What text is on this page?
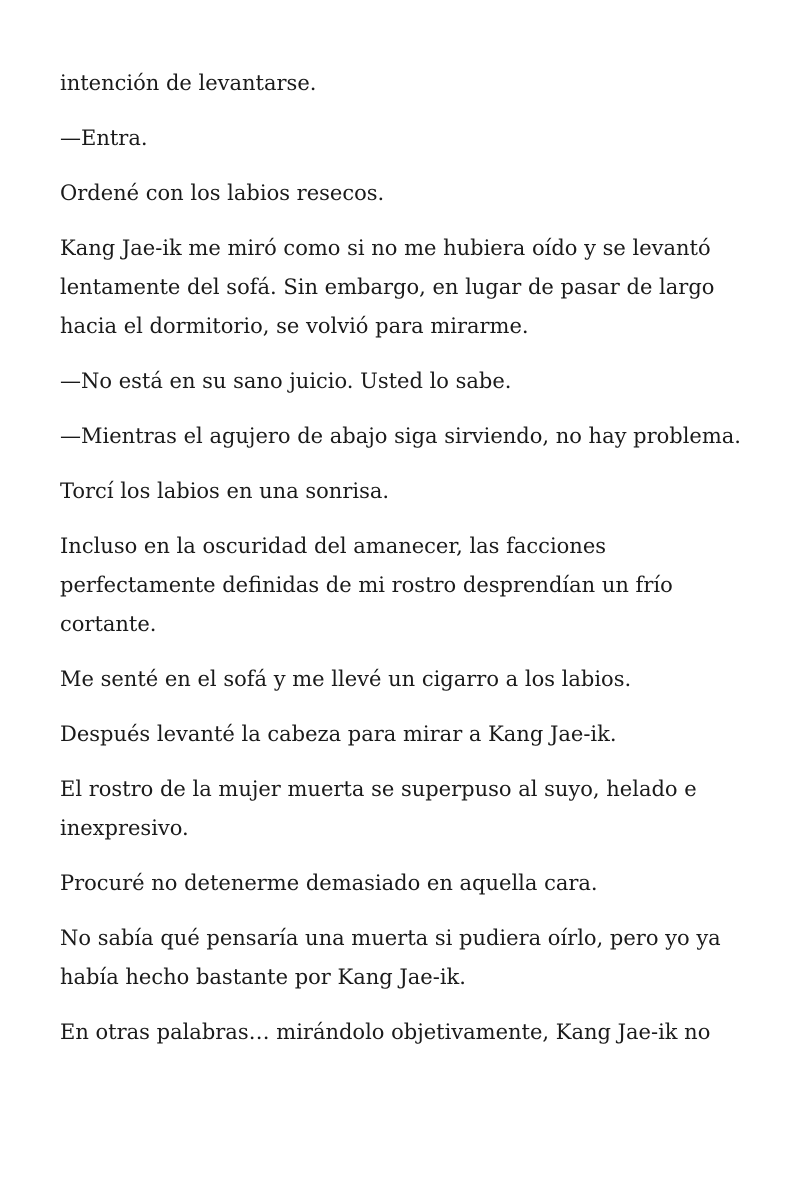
intención de levantarse.

—Entra.

Ordené con los labios resecos.

Kang Jae-ik me miró como si no me hubiera oído y se levantó lentamente del sofá. Sin embargo, en lugar de pasar de largo hacia el dormitorio, se volvió para mirarme.

—No está en su sano juicio. Usted lo sabe.

—Mientras el agujero de abajo siga sirviendo, no hay problema.

Torcí los labios en una sonrisa.

Incluso en la oscuridad del amanecer, las facciones perfectamente definidas de mi rostro desprendían un frío cortante.

Me senté en el sofá y me llevé un cigarro a los labios.

Después levanté la cabeza para mirar a Kang Jae-ik.

El rostro de la mujer muerta se superpuso al suyo, helado e inexpresivo.

Procuré no detenerme demasiado en aquella cara.

No sabía qué pensaría una muerta si pudiera oírlo, pero yo ya había hecho bastante por Kang Jae-ik.

En otras palabras… mirándolo objetivamente, Kang Jae-ik no
